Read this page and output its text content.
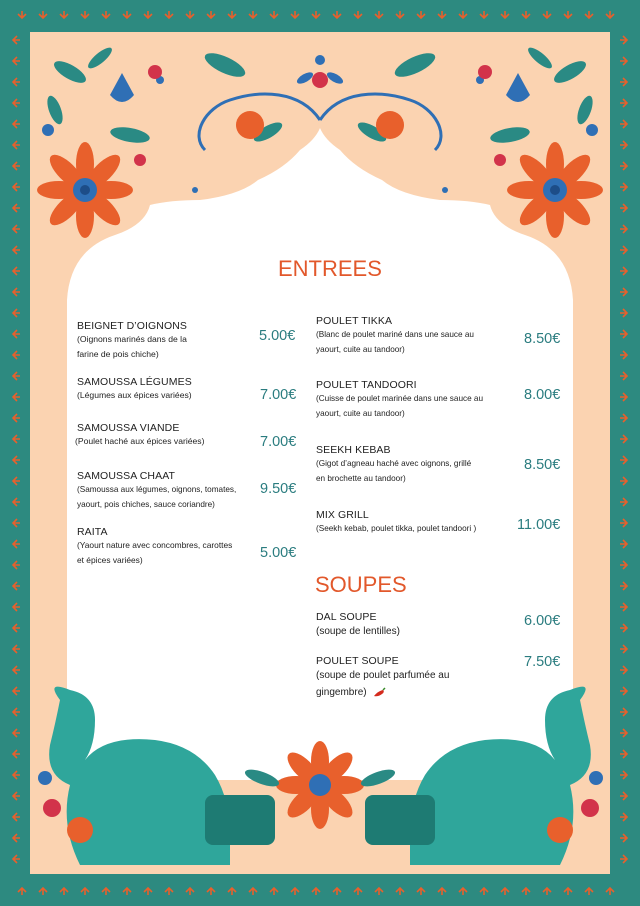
ENTREES
BEIGNET D’OIGNONS
(Oignons marinés dans de la
farine de pois chiche)
5.00€
SAMOUSSA LÉGUMES
(Légumes aux épices variées)	7.00€
SAMOUSSA VIANDE
(Poulet haché aux épices variées)	7.00€
SAMOUSSA CHAAT
(Samoussa aux légumes, oignons, tomates,
yaourt, pois chiches, sauce coriandre)
9.50€
RAITA
(Yaourt nature avec concombres, carottes
et épices variées)	5.00€
POULET TIKKA
(Blanc de poulet mariné dans une sauce au
yaourt, cuite au tandoor)
8.50€
POULET TANDOORI
(Cuisse de poulet marinée dans une sauce au
yaourt, cuite au tandoor)
8.00€
SEEKH KEBAB
(Gigot d’agneau haché avec oignons, grillé
en brochette au tandoor)
8.50€
MIX GRILL
(Seekh kebab, poulet tikka, poulet tandoori )	11.00€
SOUPES
DAL SOUPE
(soupe de lentilles)
6.00€
POULET SOUPE
(soupe de poulet parfumée au
gingembre)
7.50€
